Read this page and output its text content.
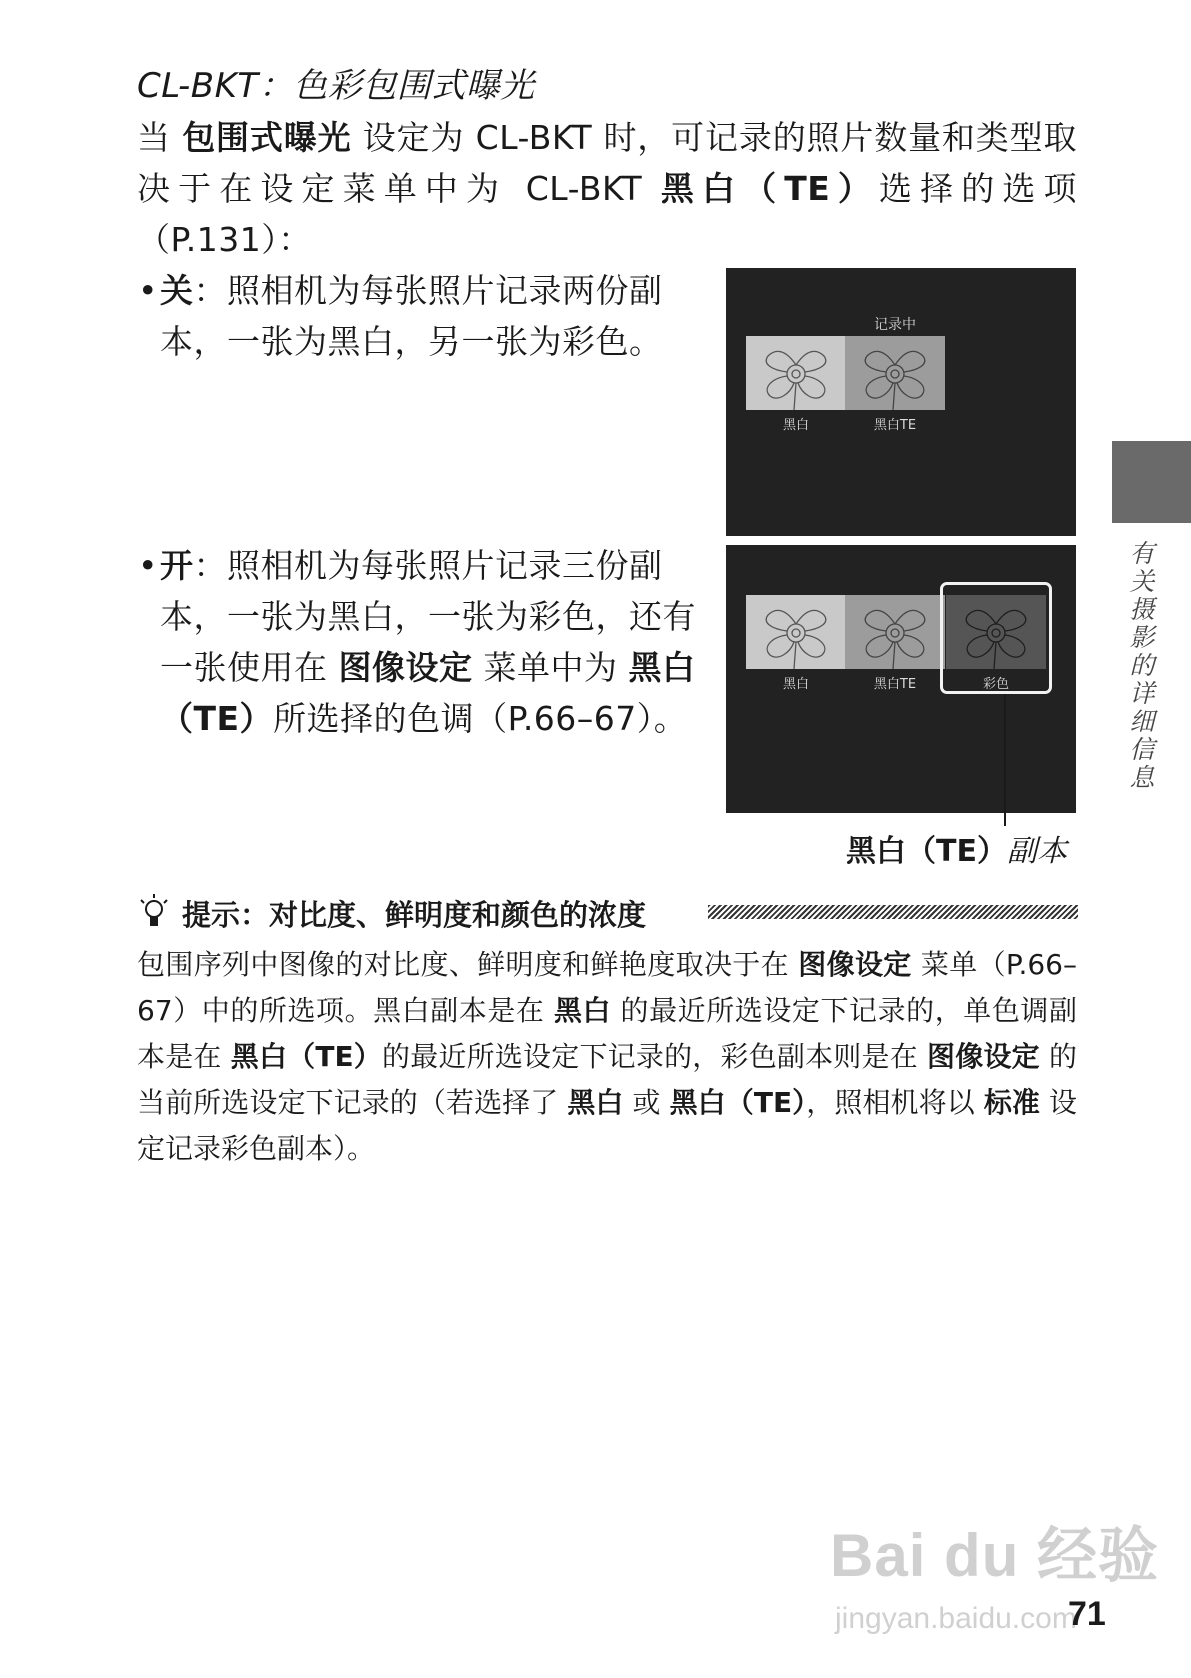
CL-BKT：色彩包围式曝光
当 包围式曝光 设定为 CL-BKT 时，可记录的照片数量和类型取决于在设定菜单中为 CL-BKT 黑白（TE）选择的选项（P.131）：
• 关：照相机为每张照片记录两份副本，一张为黑白，另一张为彩色。
• 开：照相机为每张照片记录三份副本，一张为黑白，一张为彩色，还有一张使用在 图像设定 菜单中为 黑白（TE）所选择的色调（P.66–67）。
记录中
黑白	黑白TE
黑白	黑白TE	彩色
黑白（TE）副本
提示：对比度、鲜明度和颜色的浓度
包围序列中图像的对比度、鲜明度和鲜艳度取决于在 图像设定 菜单（P.66–67）中的所选项。黑白副本是在 黑白 的最近所选设定下记录的，单色调副本是在 黑白（TE）的最近所选设定下记录的，彩色副本则是在 图像设定 的当前所选设定下记录的（若选择了 黑白 或 黑白（TE），照相机将以 标准 设定记录彩色副本）。
有关摄影的详细信息
Bai du 经验
jingyan.baidu.com
71
